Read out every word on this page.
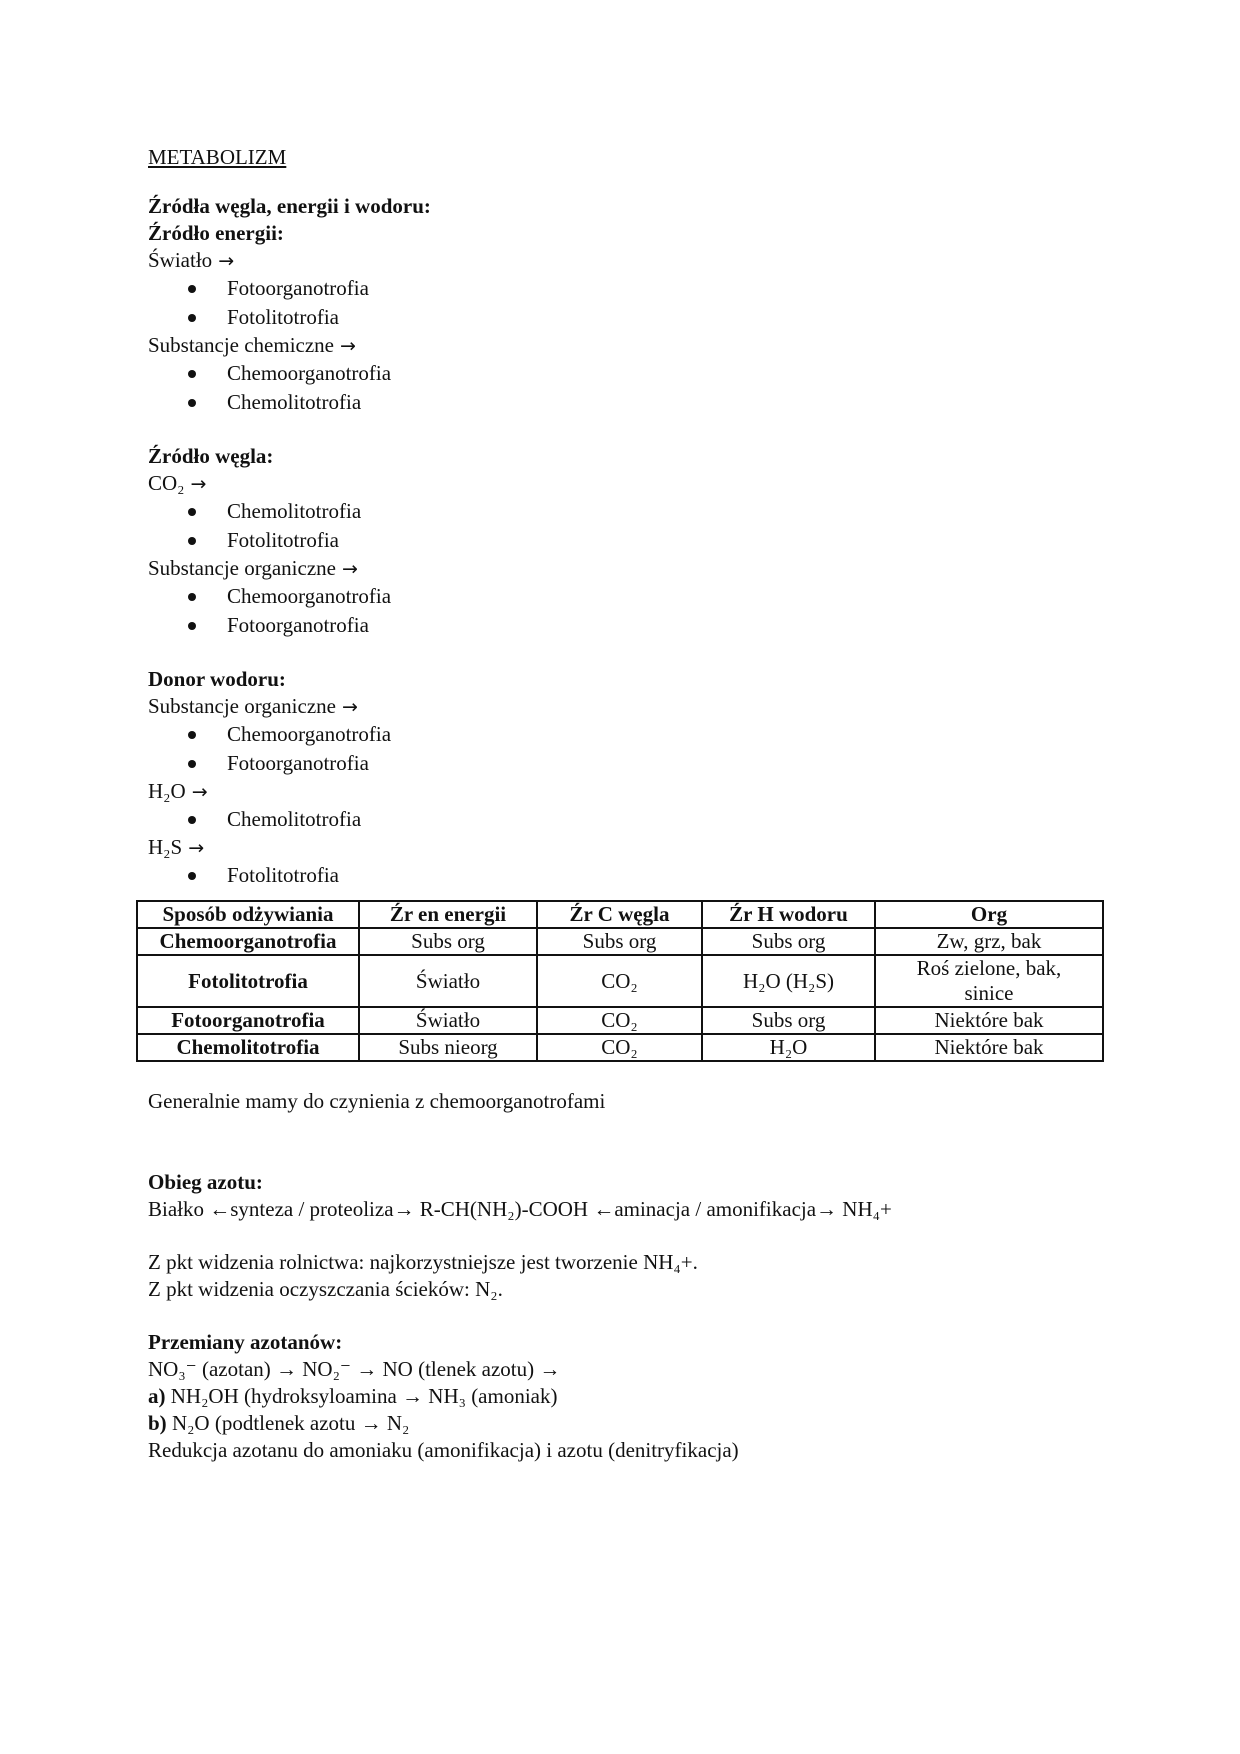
METABOLIZM
Źródła węgla, energii i wodoru:
Źródło energii:
Światło →
Fotoorganotrofia
Fotolitotrofia
Substancje chemiczne →
Chemoorganotrofia
Chemolitotrofia
Źródło węgla:
CO₂ →
Chemolitotrofia
Fotolitotrofia
Substancje organiczne →
Chemoorganotrofia
Fotoorganotrofia
Donor wodoru:
Substancje organiczne →
Chemoorganotrofia
Fotoorganotrofia
H₂O →
Chemolitotrofia
H₂S →
Fotolitotrofia
Sposób odżywiania	Źr en energii	Źr C węgla	Źr H wodoru	Org
Chemoorganotrofia	Subs org	Subs org	Subs org	Zw, grz, bak
Fotolitotrofia	Światło	CO₂	H₂O (H₂S)	Roś zielone, bak, sinice
Fotoorganotrofia	Światło	CO₂	Subs org	Niektóre bak
Chemolitotrofia	Subs nieorg	CO₂	H₂O	Niektóre bak
Generalnie mamy do czynienia z chemoorganotrofami
Obieg azotu:
Białko ←synteza / proteoliza→ R-CH(NH₂)-COOH ←aminacja / amonifikacja→ NH₄+
Z pkt widzenia rolnictwa: najkorzystniejsze jest tworzenie NH₄+.
Z pkt widzenia oczyszczania ścieków: N₂.
Przemiany azotanów:
NO₃⁻ (azotan) → NO₂⁻ → NO (tlenek azotu) →
a) NH₂OH (hydroksyloamina → NH₃ (amoniak)
b) N₂O (podtlenek azotu → N₂
Redukcja azotanu do amoniaku (amonifikacja) i azotu (denitryfikacja)
